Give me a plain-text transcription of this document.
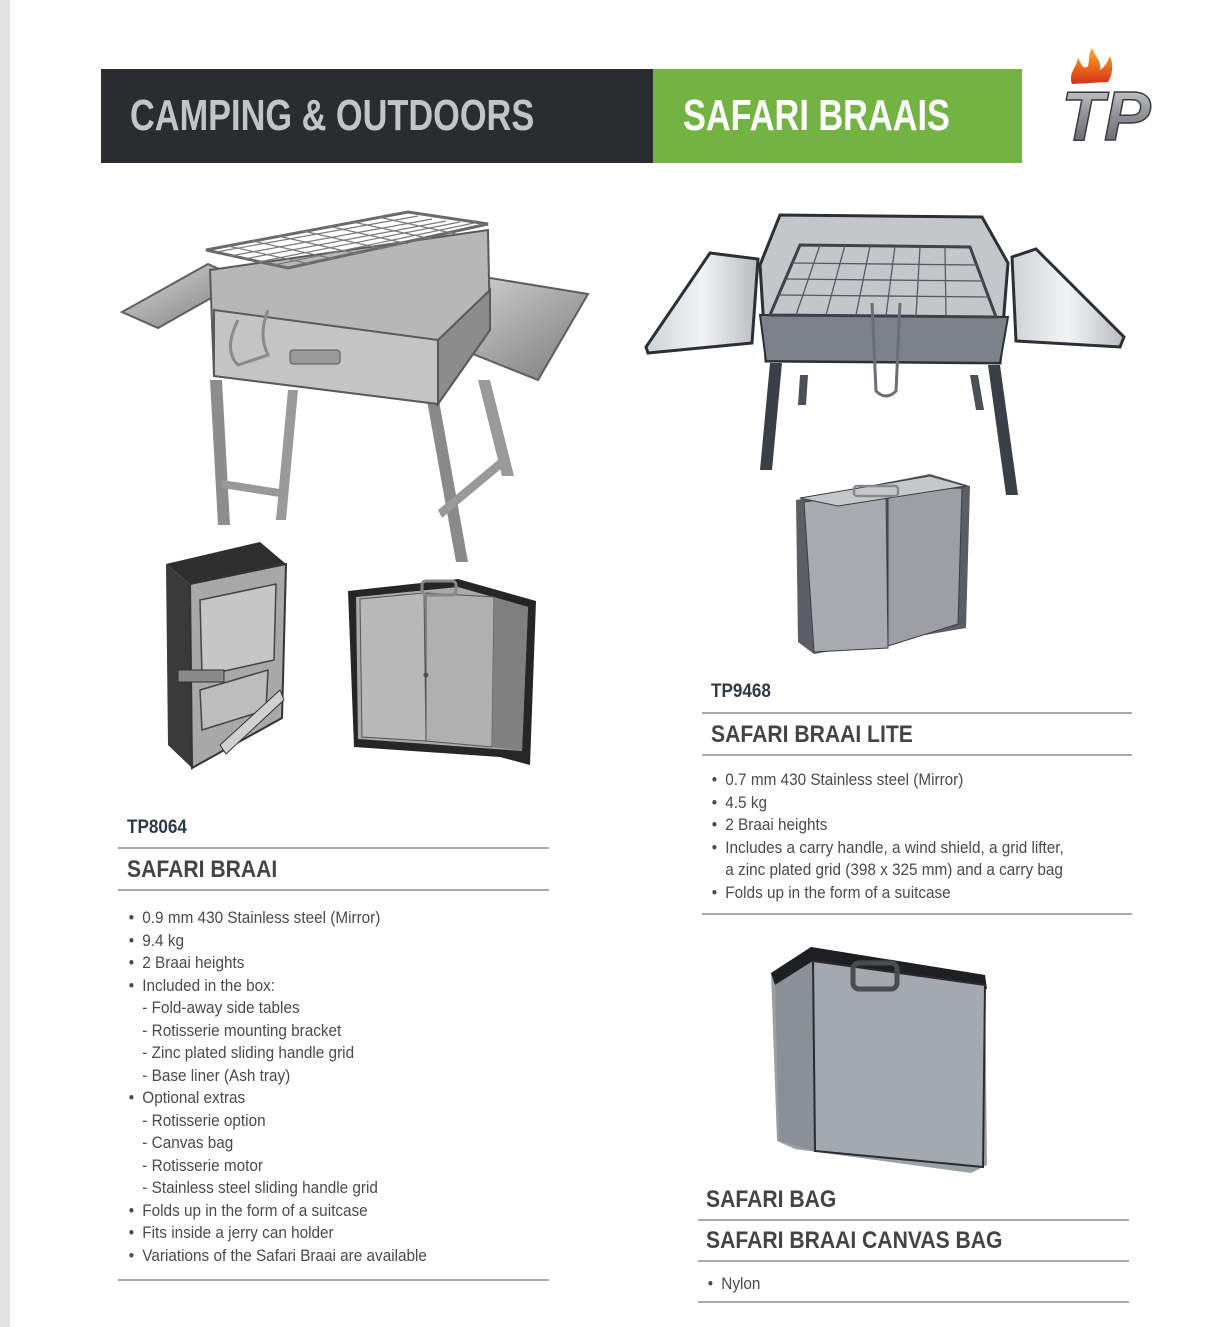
CAMPING & OUTDOORS	SAFARI BRAAIS TP
TP8064
SAFARI BRAAI
• 0.9 mm 430 Stainless steel (Mirror)
• 9.4 kg
• 2 Braai heights
• Included in the box:
- Fold-away side tables
- Rotisserie mounting bracket
- Zinc plated sliding handle grid
- Base liner (Ash tray)
• Optional extras
- Rotisserie option
- Canvas bag
- Rotisserie motor
- Stainless steel sliding handle grid
• Folds up in the form of a suitcase
• Fits inside a jerry can holder
• Variations of the Safari Braai are available
TP9468
SAFARI BRAAI LITE
• 0.7 mm 430 Stainless steel (Mirror)
• 4.5 kg
• 2 Braai heights
• Includes a carry handle, a wind shield, a grid lifter,
a zinc plated grid (398 x 325 mm) and a carry bag
• Folds up in the form of a suitcase
SAFARI BAG
SAFARI BRAAI CANVAS BAG
• Nylon
